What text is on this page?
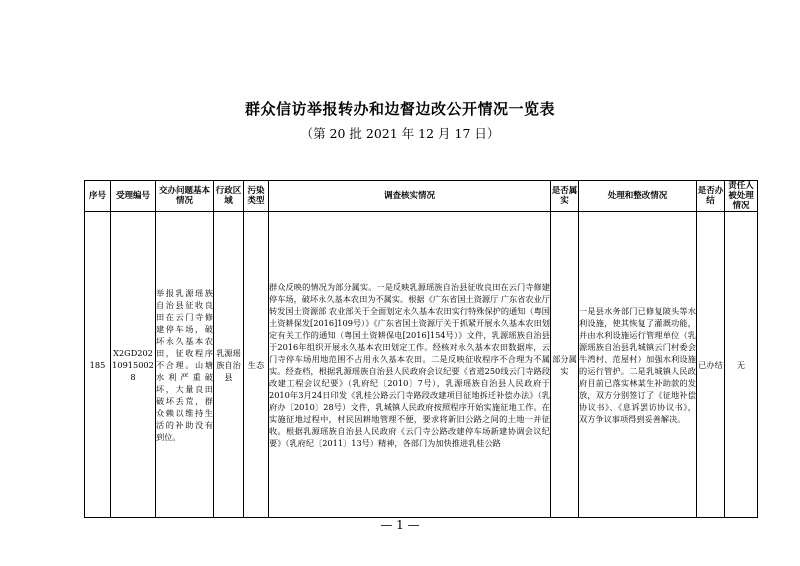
群众信访举报转办和边督边改公开情况一览表
（第 20 批 2021 年 12 月 17 日）
序号	受理编号	交办问题基本情况	行政区域	污染类型	调查核实情况	是否属实	处理和整改情况	是否办结	责任人被处理情况
185	X2GD202109150028	举报乳源瑶族自治县征收良田在云门寺修建停车场，破坏永久基本农田，征收程序不合理。山塘水利严重破坏，大量良田破坏丢荒，群众赖以维持生活的补助没有到位。	乳源瑶族自治县	生态	群众反映的情况为部分属实。一是反映乳源瑶族自治县征收良田在云门寺修建停车场，破坏永久基本农田为不属实。根据《广东省国土资源厅 广东省农业厅转发国土资源部 农业部关于全面划定永久基本农田实行特殊保护的通知（粤国土资耕保发[2016]109号）》《广东省国土资源厅关于抓紧开展永久基本农田划定有关工作的通知（粤国土资耕保电[2016]154号）》文件，乳源瑶族自治县于2016年组织开展永久基本农田划定工作。经核对永久基本农田数据库，云门寺停车场用地范围不占用永久基本农田。二是反映征收程序不合理为不属实。经查档，根据乳源瑶族自治县人民政府会议纪要《省道250线云门寺路段改建工程会议纪要》（乳府纪〔2010〕7号），乳源瑶族自治县人民政府于2010年3月24日印发《乳桂公路云门寺路段改建项目征地拆迁补偿办法》（乳府办〔2010〕28号）文件，乳城镇人民政府按照程序开始实施征地工作。在实施征地过程中，村民因耕地管理不便，要求将新旧公路之间的土地一并征收。根据乳源瑶族自治县人民政府《云门寺公路改建停车场新建协调会议纪要》（乳府纪〔2011〕13号）精神，各部门为加快推进乳桂公路	部分属实	一是县水务部门已修复陂头等水利设施，使其恢复了灌溉功能，并由水利设施运行管理单位（乳源瑶族自治县乳城镇云门村委会牛湾村、范屋村）加强水利设施的运行管护。二是乳城镇人民政府目前已落实林某生补助款的发放，双方分别签订了《征地补偿协议书》、《息诉罢访协议书》，双方争议事项得到妥善解决。	已办结	无
— 1 —
